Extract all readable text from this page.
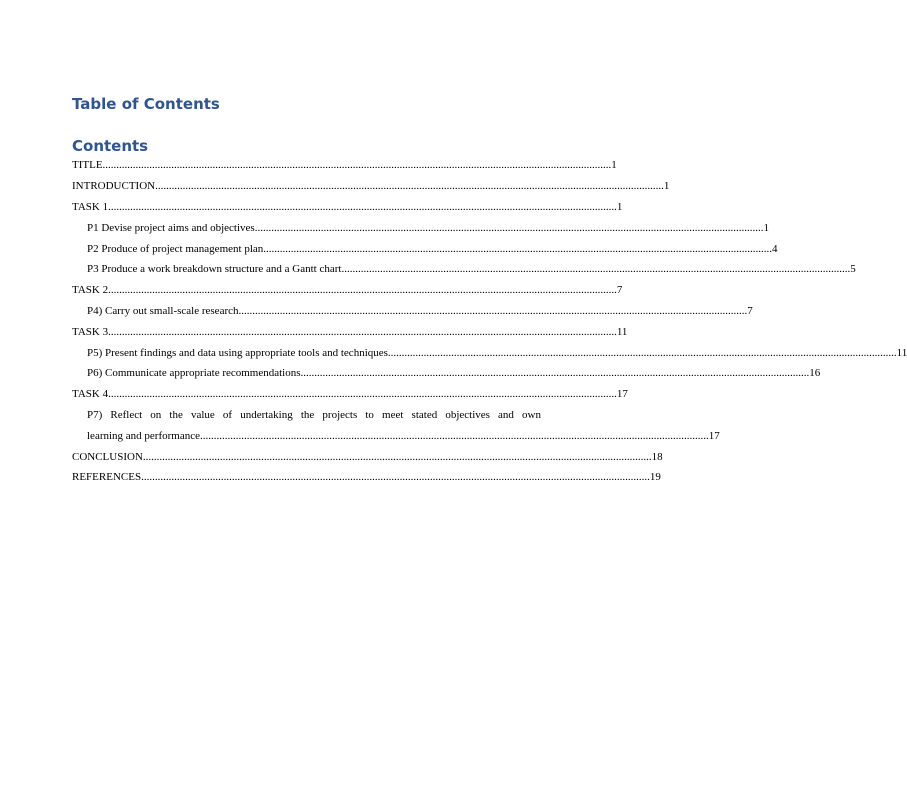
Table of Contents
Contents
TITLE ......................................................................................................................................................................................... 1
INTRODUCTION ......................................................................................................................................................................................... 1
TASK 1 ......................................................................................................................................................................................... 1
P1 Devise project aims and objectives ......................................................................................................................................................................................... 1
P2 Produce of project management plan ......................................................................................................................................................................................... 4
P3 Produce a work breakdown structure and a Gantt chart ......................................................................................................................................................................................... 5
TASK 2 ......................................................................................................................................................................................... 7
P4) Carry out small-scale research ......................................................................................................................................................................................... 7
TASK 3 ......................................................................................................................................................................................... 11
P5) Present findings and data using appropriate tools and techniques ......................................................................................................................................................................................... 11
P6) Communicate appropriate recommendations ......................................................................................................................................................................................... 16
TASK 4 ......................................................................................................................................................................................... 17
P7) Reflect on the value of undertaking the projects to meet stated objectives and own
learning and performance ......................................................................................................................................................................................... 17
CONCLUSION ......................................................................................................................................................................................... 18
REFERENCES ......................................................................................................................................................................................... 19
